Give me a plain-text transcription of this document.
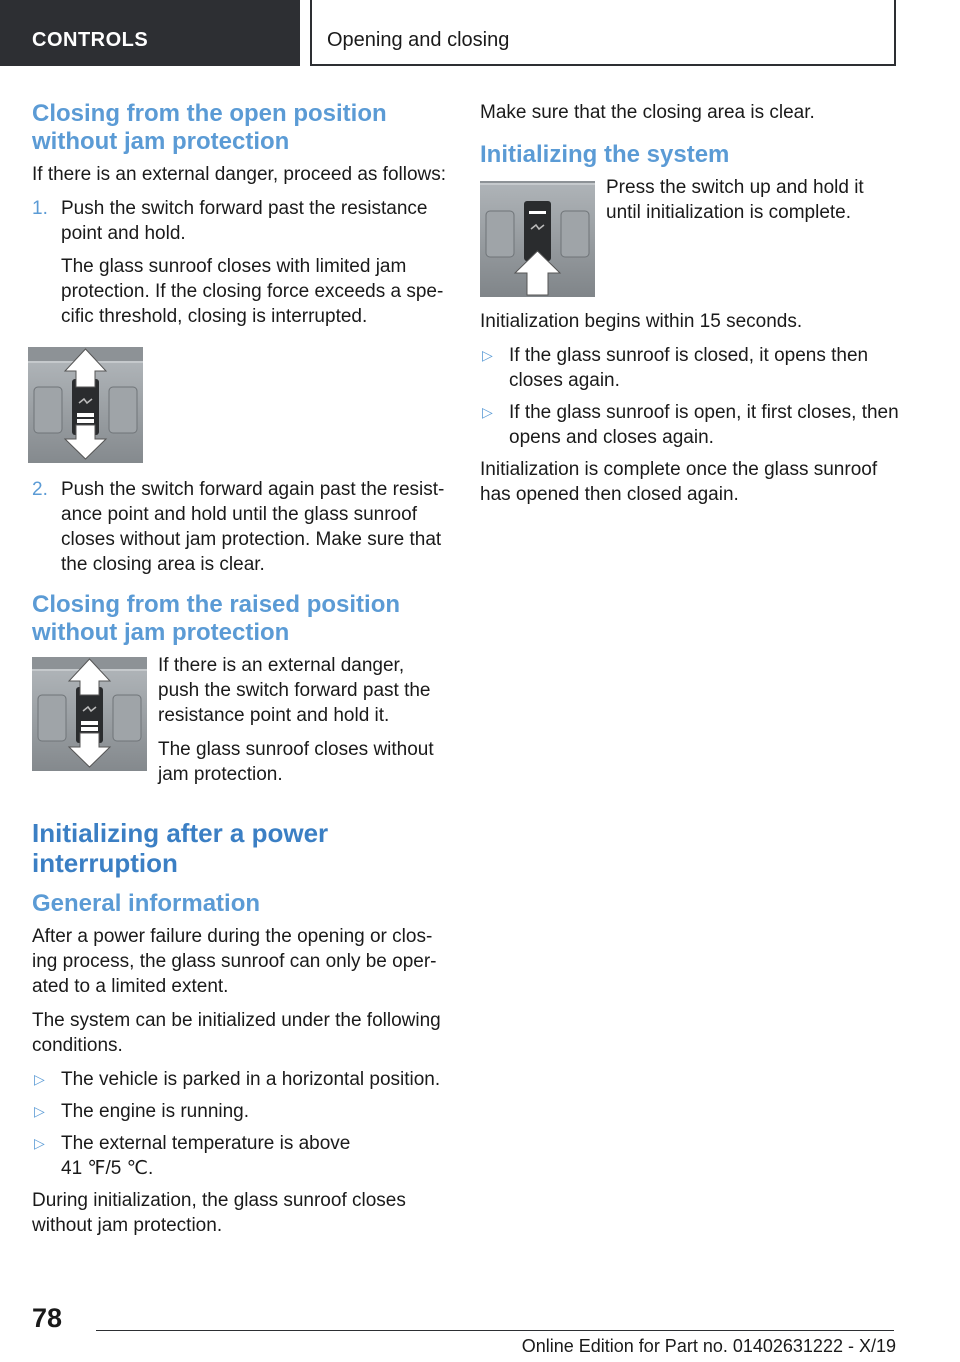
CONTROLS	Opening and closing
Closing from the open position without jam protection

If there is an external danger, proceed as follows:

1. Push the switch forward past the resistance point and hold.

The glass sunroof closes with limited jam protection. If the closing force exceeds a spe‐cific threshold, closing is interrupted.

2. Push the switch forward again past the resist‐ance point and hold until the glass sunroof closes without jam protection. Make sure that the closing area is clear.

Closing from the raised position without jam protection

If there is an external danger, push the switch forward past the resistance point and hold it.

The glass sunroof closes without jam protection.

Initializing after a power interruption
General information

After a power failure during the opening or clos‐ing process, the glass sunroof can only be oper‐ated to a limited extent.

The system can be initialized under the following conditions.

▷ The vehicle is parked in a horizontal position.
▷ The engine is running.
▷ The external temperature is above 41 ℉/5 ℃.

During initialization, the glass sunroof closes without jam protection.

Make sure that the closing area is clear.

Initializing the system

Press the switch up and hold it until initialization is complete.

Initialization begins within 15 seconds.

▷ If the glass sunroof is closed, it opens then closes again.
▷ If the glass sunroof is open, it first closes, then opens and closes again.

Initialization is complete once the glass sunroof has opened then closed again.

78
Online Edition for Part no. 01402631222 - X/19
